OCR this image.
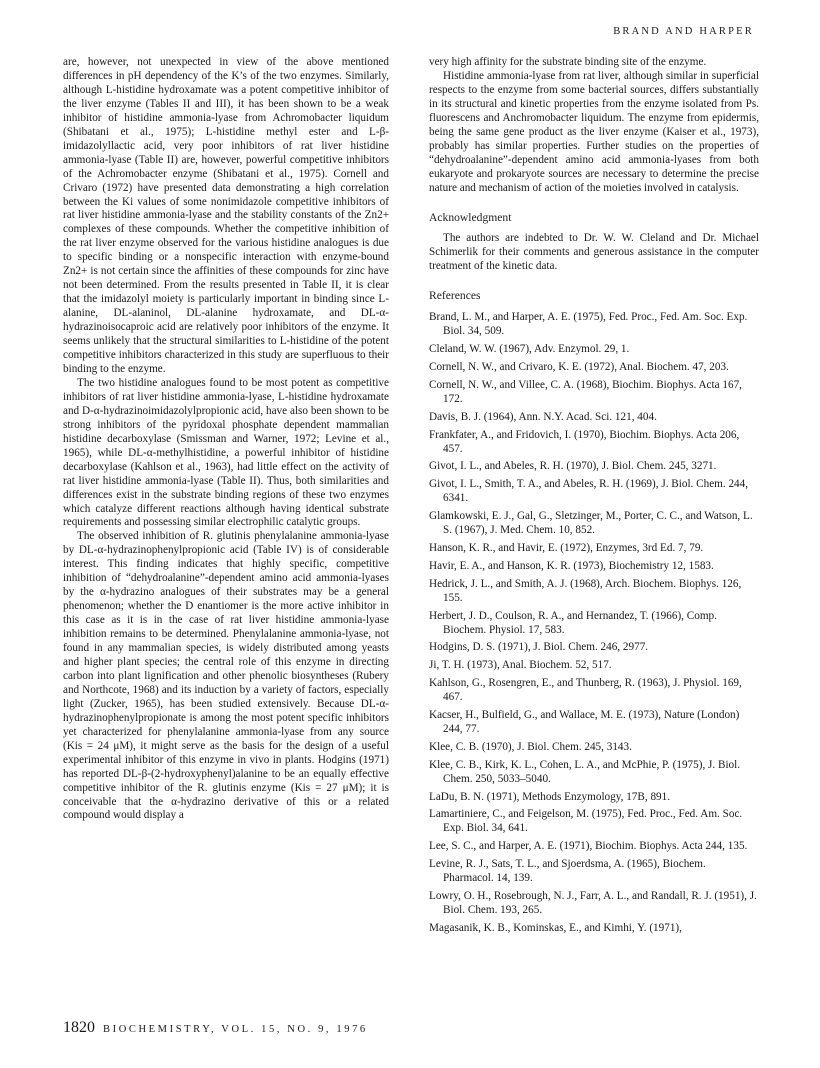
BRAND AND HARPER

are, however, not unexpected in view of the above mentioned differences in pH dependency of the K’s of the two enzymes. Similarly, although L-histidine hydroxamate was a potent competitive inhibitor of the liver enzyme (Tables II and III), it has been shown to be a weak inhibitor of histidine ammonia-lyase from Achromobacter liquidum (Shibatani et al., 1975); L-histidine methyl ester and L-β-imidazolyllactic acid, very poor inhibitors of rat liver histidine ammonia-lyase (Table II) are, however, powerful competitive inhibitors of the Achromobacter enzyme (Shibatani et al., 1975). Cornell and Crivaro (1972) have presented data demonstrating a high correlation between the Ki values of some nonimidazole competitive inhibitors of rat liver histidine ammonia-lyase and the stability constants of the Zn2+ complexes of these compounds. Whether the competitive inhibition of the rat liver enzyme observed for the various histidine analogues is due to specific binding or a nonspecific interaction with enzyme-bound Zn2+ is not certain since the affinities of these compounds for zinc have not been determined. From the results presented in Table II, it is clear that the imidazolyl moiety is particularly important in binding since L-alanine, DL-alaninol, DL-alanine hydroxamate, and DL-α-hydrazinoisocaproic acid are relatively poor inhibitors of the enzyme. It seems unlikely that the structural similarities to L-histidine of the potent competitive inhibitors characterized in this study are superfluous to their binding to the enzyme.

The two histidine analogues found to be most potent as competitive inhibitors of rat liver histidine ammonia-lyase, L-histidine hydroxamate and D-α-hydrazinoimidazolylpropionic acid, have also been shown to be strong inhibitors of the pyridoxal phosphate dependent mammalian histidine decarboxylase (Smissman and Warner, 1972; Levine et al., 1965), while DL-α-methylhistidine, a powerful inhibitor of histidine decarboxylase (Kahlson et al., 1963), had little effect on the activity of rat liver histidine ammonia-lyase (Table II). Thus, both similarities and differences exist in the substrate binding regions of these two enzymes which catalyze different reactions although having identical substrate requirements and possessing similar electrophilic catalytic groups.

The observed inhibition of R. glutinis phenylalanine ammonia-lyase by DL-α-hydrazinophenylpropionic acid (Table IV) is of considerable interest. This finding indicates that highly specific, competitive inhibition of “dehydroalanine”-dependent amino acid ammonia-lyases by the α-hydrazino analogues of their substrates may be a general phenomenon; whether the D enantiomer is the more active inhibitor in this case as it is in the case of rat liver histidine ammonia-lyase inhibition remains to be determined. Phenylalanine ammonia-lyase, not found in any mammalian species, is widely distributed among yeasts and higher plant species; the central role of this enzyme in directing carbon into plant lignification and other phenolic biosyntheses (Rubery and Northcote, 1968) and its induction by a variety of factors, especially light (Zucker, 1965), has been studied extensively. Because DL-α-hydrazinophenylpropionate is among the most potent specific inhibitors yet characterized for phenylalanine ammonia-lyase from any source (Kis = 24 μM), it might serve as the basis for the design of a useful experimental inhibitor of this enzyme in vivo in plants. Hodgins (1971) has reported DL-β-(2-hydroxyphenyl)alanine to be an equally effective competitive inhibitor of the R. glutinis enzyme (Kis = 27 μM); it is conceivable that the α-hydrazino derivative of this or a related compound would display a

very high affinity for the substrate binding site of the enzyme.

Histidine ammonia-lyase from rat liver, although similar in superficial respects to the enzyme from some bacterial sources, differs substantially in its structural and kinetic properties from the enzyme isolated from Ps. fluorescens and Anchromobacter liquidum. The enzyme from epidermis, being the same gene product as the liver enzyme (Kaiser et al., 1973), probably has similar properties. Further studies on the properties of “dehydroalanine”-dependent amino acid ammonia-lyases from both eukaryote and prokaryote sources are necessary to determine the precise nature and mechanism of action of the moieties involved in catalysis.

Acknowledgment

The authors are indebted to Dr. W. W. Cleland and Dr. Michael Schimerlik for their comments and generous assistance in the computer treatment of the kinetic data.

References
Brand, L. M., and Harper, A. E. (1975), Fed. Proc., Fed. Am. Soc. Exp. Biol. 34, 509.
Cleland, W. W. (1967), Adv. Enzymol. 29, 1.
Cornell, N. W., and Crivaro, K. E. (1972), Anal. Biochem. 47, 203.
Cornell, N. W., and Villee, C. A. (1968), Biochim. Biophys. Acta 167, 172.
Davis, B. J. (1964), Ann. N.Y. Acad. Sci. 121, 404.
Frankfater, A., and Fridovich, I. (1970), Biochim. Biophys. Acta 206, 457.
Givot, I. L., and Abeles, R. H. (1970), J. Biol. Chem. 245, 3271.
Givot, I. L., Smith, T. A., and Abeles, R. H. (1969), J. Biol. Chem. 244, 6341.
Glamkowski, E. J., Gal, G., Sletzinger, M., Porter, C. C., and Watson, L. S. (1967), J. Med. Chem. 10, 852.
Hanson, K. R., and Havir, E. (1972), Enzymes, 3rd Ed. 7, 79.
Havir, E. A., and Hanson, K. R. (1973), Biochemistry 12, 1583.
Hedrick, J. L., and Smith, A. J. (1968), Arch. Biochem. Biophys. 126, 155.
Herbert, J. D., Coulson, R. A., and Hernandez, T. (1966), Comp. Biochem. Physiol. 17, 583.
Hodgins, D. S. (1971), J. Biol. Chem. 246, 2977.
Ji, T. H. (1973), Anal. Biochem. 52, 517.
Kahlson, G., Rosengren, E., and Thunberg, R. (1963), J. Physiol. 169, 467.
Kacser, H., Bulfield, G., and Wallace, M. E. (1973), Nature (London) 244, 77.
Klee, C. B. (1970), J. Biol. Chem. 245, 3143.
Klee, C. B., Kirk, K. L., Cohen, L. A., and McPhie, P. (1975), J. Biol. Chem. 250, 5033–5040.
LaDu, B. N. (1971), Methods Enzymology, 17B, 891.
Lamartiniere, C., and Feigelson, M. (1975), Fed. Proc., Fed. Am. Soc. Exp. Biol. 34, 641.
Lee, S. C., and Harper, A. E. (1971), Biochim. Biophys. Acta 244, 135.
Levine, R. J., Sats, T. L., and Sjoerdsma, A. (1965), Biochem. Pharmacol. 14, 139.
Lowry, O. H., Rosebrough, N. J., Farr, A. L., and Randall, R. J. (1951), J. Biol. Chem. 193, 265.
Magasanik, K. B., Kominskas, E., and Kimhi, Y. (1971),
1820 BIOCHEMISTRY, VOL. 15, NO. 9, 1976
